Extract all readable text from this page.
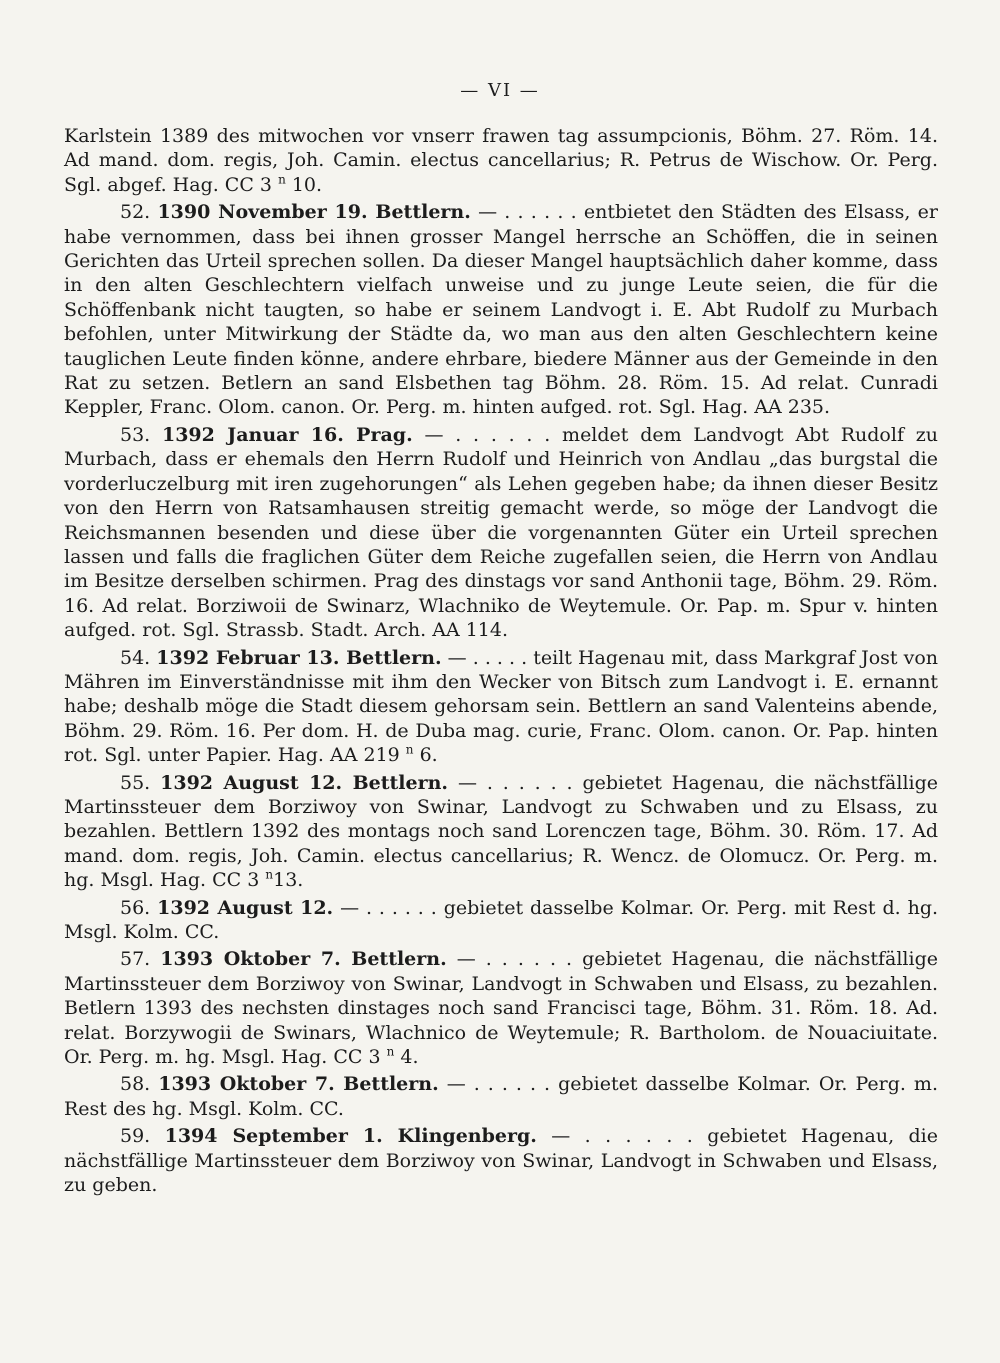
— VI —

Karlstein 1389 des mitwochen vor vnserr frawen tag assumpcionis, Böhm. 27. Röm. 14. Ad mand. dom. regis, Joh. Camin. electus cancellarius; R. Petrus de Wischow. Or. Perg. Sgl. abgef. Hag. CC 3 $^n$ 10.

52. 1390 November 19. Bettlern. — . . . . . . entbietet den Städten des Elsass, er habe vernommen, dass bei ihnen grosser Mangel herrsche an Schöffen, die in seinen Gerichten das Urteil sprechen sollen. Da dieser Mangel hauptsächlich daher komme, dass in den alten Geschlechtern vielfach unweise und zu junge Leute seien, die für die Schöffenbank nicht taugten, so habe er seinem Landvogt i. E. Abt Rudolf zu Murbach befohlen, unter Mitwirkung der Städte da, wo man aus den alten Geschlechtern keine tauglichen Leute finden könne, andere ehrbare, biedere Männer aus der Gemeinde in den Rat zu setzen. Betlern an sand Elsbethen tag Böhm. 28. Röm. 15. Ad relat. Cunradi Keppler, Franc. Olom. canon. Or. Perg. m. hinten aufged. rot. Sgl. Hag. AA 235.

53. 1392 Januar 16. Prag. — . . . . . . meldet dem Landvogt Abt Rudolf zu Murbach, dass er ehemals den Herrn Rudolf und Heinrich von Andlau „das burgstal die vorderluczelburg mit iren zugehorungen“ als Lehen gegeben habe; da ihnen dieser Besitz von den Herrn von Ratsamhausen streitig gemacht werde, so möge der Landvogt die Reichsmannen besenden und diese über die vorgenannten Güter ein Urteil sprechen lassen und falls die fraglichen Güter dem Reiche zugefallen seien, die Herrn von Andlau im Besitze derselben schirmen. Prag des dinstags vor sand Anthonii tage, Böhm. 29. Röm. 16. Ad relat. Borziwoii de Swinarz, Wlachniko de Weytemule. Or. Pap. m. Spur v. hinten aufged. rot. Sgl. Strassb. Stadt. Arch. AA 114.

54. 1392 Februar 13. Bettlern. — . . . . . teilt Hagenau mit, dass Markgraf Jost von Mähren im Einverständnisse mit ihm den Wecker von Bitsch zum Landvogt i. E. ernannt habe; deshalb möge die Stadt diesem gehorsam sein. Bettlern an sand Valenteins abende, Böhm. 29. Röm. 16. Per dom. H. de Duba mag. curie, Franc. Olom. canon. Or. Pap. hinten rot. Sgl. unter Papier. Hag. AA 219 $^n$ 6.

55. 1392 August 12. Bettlern. — . . . . . . gebietet Hagenau, die nächstfällige Martinssteuer dem Borziwoy von Swinar, Landvogt zu Schwaben und zu Elsass, zu bezahlen. Bettlern 1392 des montags noch sand Lorenczen tage, Böhm. 30. Röm. 17. Ad mand. dom. regis, Joh. Camin. electus cancellarius; R. Wencz. de Olomucz. Or. Perg. m. hg. Msgl. Hag. CC 3 $^n$13.

56. 1392 August 12. — . . . . . . gebietet dasselbe Kolmar. Or. Perg. mit Rest d. hg. Msgl. Kolm. CC.

57. 1393 Oktober 7. Bettlern. — . . . . . . gebietet Hagenau, die nächstfällige Martinssteuer dem Borziwoy von Swinar, Landvogt in Schwaben und Elsass, zu bezahlen. Betlern 1393 des nechsten dinstages noch sand Francisci tage, Böhm. 31. Röm. 18. Ad. relat. Borzywogii de Swinars, Wlachnico de Weytemule; R. Bartholom. de Nouaciuitate. Or. Perg. m. hg. Msgl. Hag. CC 3 $^n$ 4.

58. 1393 Oktober 7. Bettlern. — . . . . . . gebietet dasselbe Kolmar. Or. Perg. m. Rest des hg. Msgl. Kolm. CC.

59. 1394 September 1. Klingenberg. — . . . . . . gebietet Hagenau, die nächstfällige Martinssteuer dem Borziwoy von Swinar, Landvogt in Schwaben und Elsass, zu geben.
